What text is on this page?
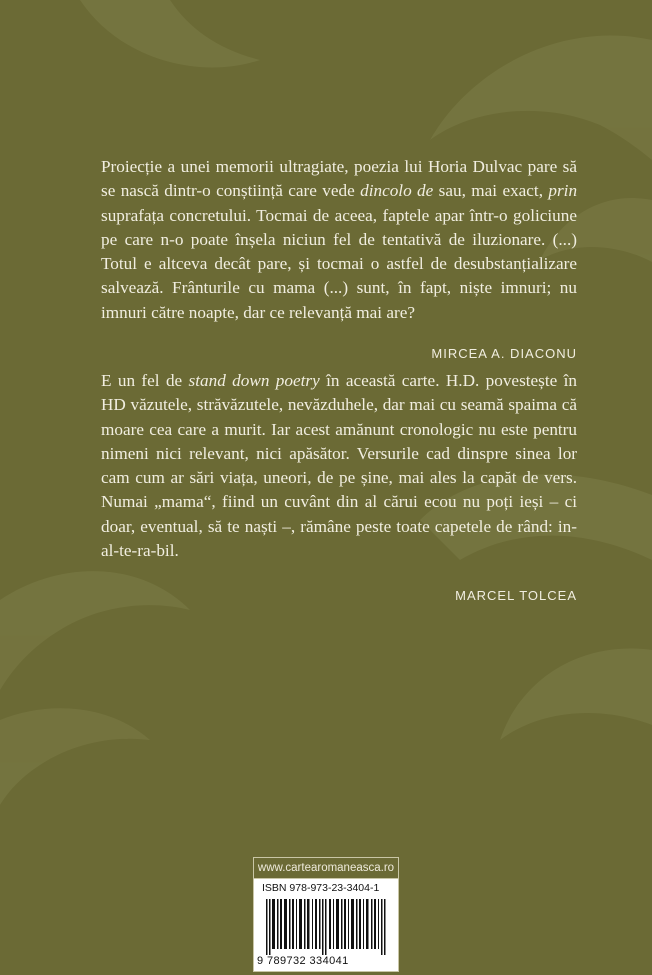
Proiecție a unei memorii ultragiate, poezia lui Horia Dulvac pare să se nască dintr-o conștiință care vede dincolo de sau, mai exact, prin suprafața concretului. Tocmai de aceea, faptele apar într-o goliciune pe care n-o poate înșela niciun fel de tentativă de iluzionare. (...) Totul e altceva decât pare, și tocmai o astfel de desubstanțializare salvează. Frânturile cu mama (...) sunt, în fapt, niște imnuri; nu imnuri către noapte, dar ce relevanță mai are?

MIRCEA A. DIACONU

E un fel de stand down poetry în această carte. H.D. povestește în HD văzutele, străvăzutele, nevăzduhele, dar mai cu seamă spaima că moare cea care a murit. Iar acest amănunt cronologic nu este pentru nimeni nici relevant, nici apăsător. Versurile cad dinspre sinea lor cam cum ar sări viața, uneori, de pe șine, mai ales la capăt de vers. Numai „mama“, fiind un cuvânt din al cărui ecou nu poți ieși – ci doar, eventual, să te naști –, rămâne peste toate capetele de rând: in-al-te-ra-bil.

MARCEL TOLCEA
www.cartearomaneasca.ro
ISBN 978-973-23-3404-1
9 789732 334041
